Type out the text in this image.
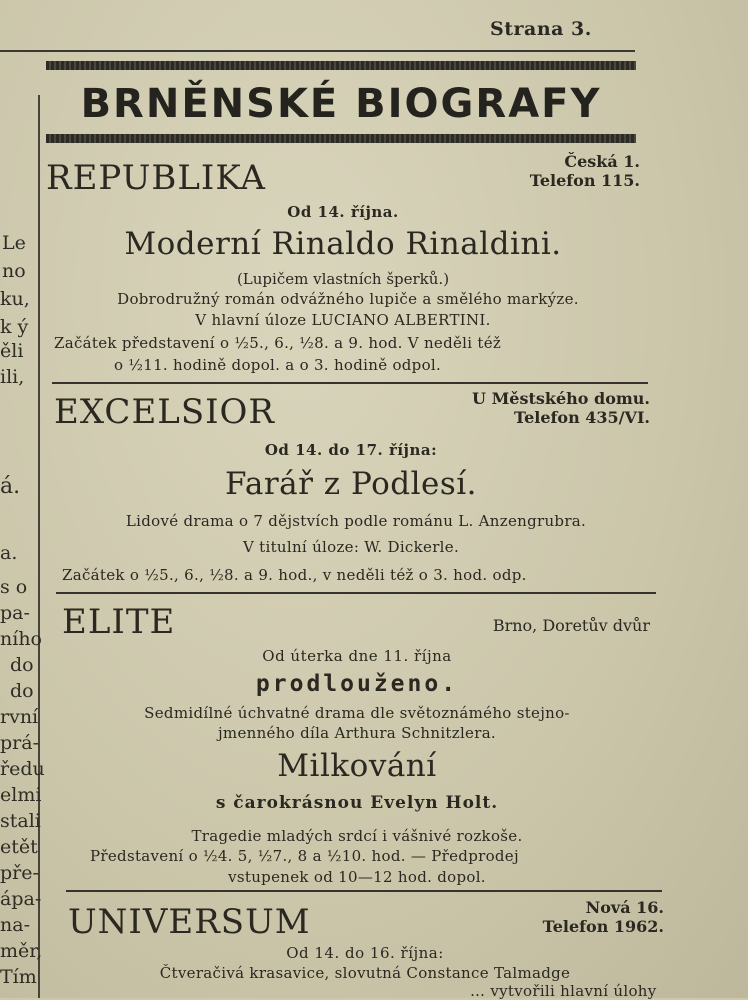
Strana 3.
Le
no
ku,
k ý
ěli
ili,
á.
a.
s o
pa-
ního
do
do
rvní
prá-
ředu
elmi
stali
etět
pře-
ápa-
na-
měr,
Tím
BRNĚNSKÉ BIOGRAFY
REPUBLIKA	Česká 1.
Telefon 115.
Od 14. října.
Moderní Rinaldo Rinaldini.
(Lupičem vlastních šperků.)
Dobrodružný román odvážného lupiče a smělého markýze.
V hlavní úloze LUCIANO ALBERTINI.
Začátek představení o ½5., 6., ½8. a 9. hod. V neděli též
o ½11. hodině dopol. a o 3. hodině odpol.
EXCELSIOR	U Městského domu.
Telefon 435/VI.
Od 14. do 17. října:
Farář z Podlesí.
Lidové drama o 7 dějstvích podle románu L. Anzengrubra.
V titulní úloze: W. Dickerle.
Začátek o ½5., 6., ½8. a 9. hod., v neděli též o 3. hod. odp.
ELITE	Brno, Doretův dvůr
Od úterka dne 11. října
prodlouženo.
Sedmidílné úchvatné drama dle světoznámého stejno-
jmenného díla Arthura Schnitzlera.
Milkování
s čarokrásnou Evelyn Holt.
Tragedie mladých srdcí i vášnivé rozkoše.
Představení o ½4. 5, ½7., 8 a ½10. hod. — Předprodej
vstupenek od 10—12 hod. dopol.
UNIVERSUM	Nová 16.
Telefon 1962.
Od 14. do 16. října:
Čtveračivá krasavice, slovutná Constance Talmadge
… vytvořili hlavní úlohy
